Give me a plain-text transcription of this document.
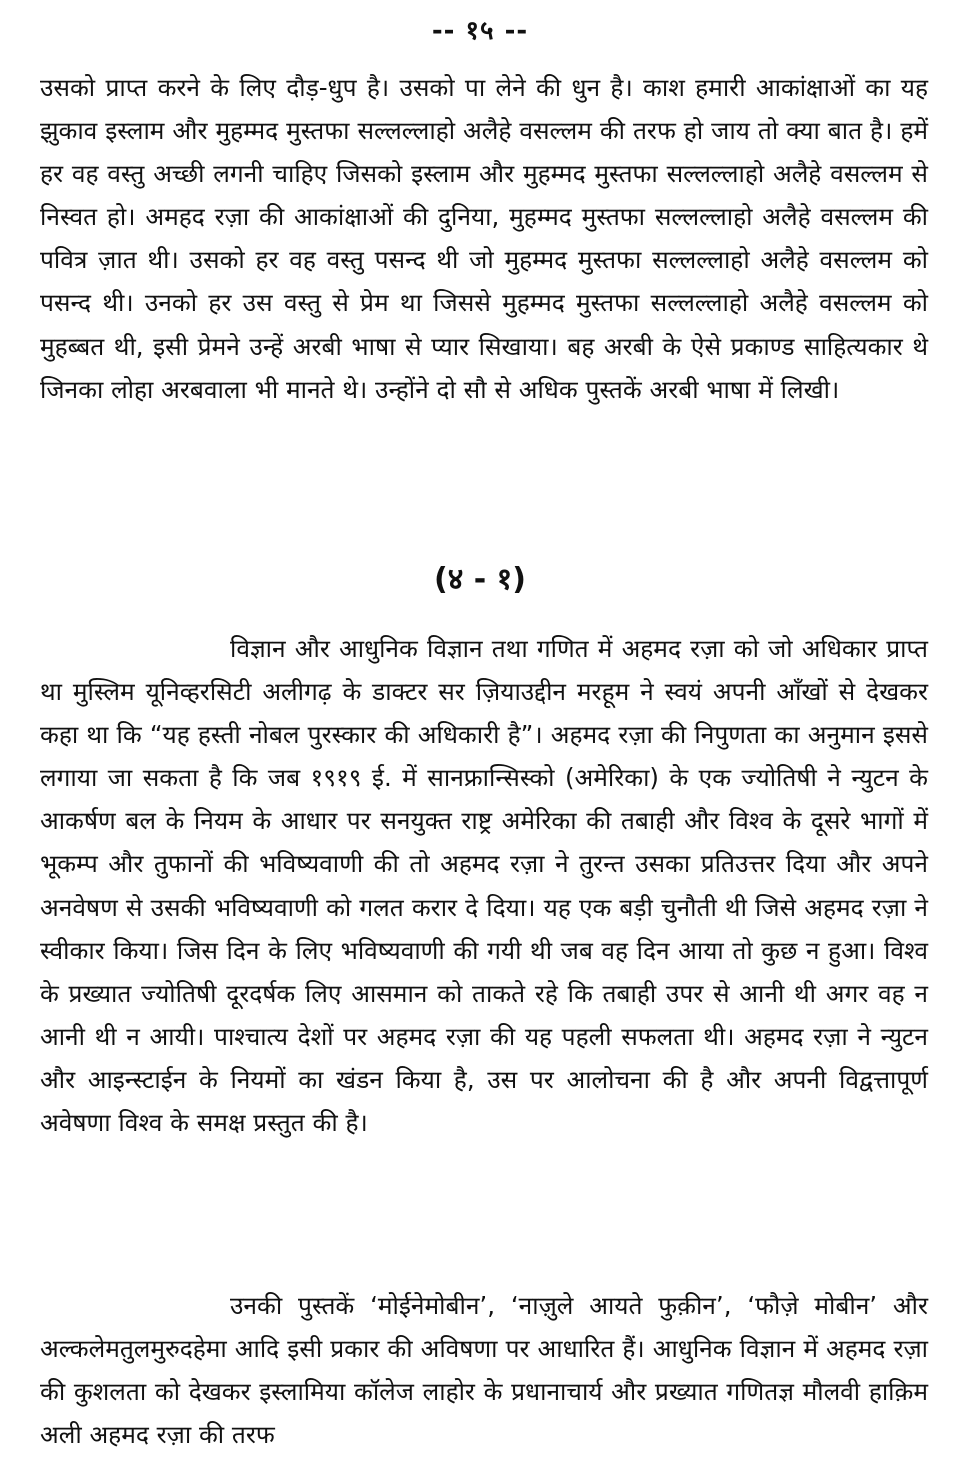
-- १५ --

उसको प्राप्त करने के लिए दौड़-धुप है। उसको पा लेने की धुन है। काश हमारी आकांक्षाओं का यह झुकाव इस्लाम और मुहम्मद मुस्तफा सल्लल्लाहो अलैहे वसल्लम की तरफ हो जाय तो क्या बात है। हमें हर वह वस्तु अच्छी लगनी चाहिए जिसको इस्लाम और मुहम्मद मुस्तफा सल्लल्लाहो अलैहे वसल्लम से निस्वत हो। अमहद रज़ा की आकांक्षाओं की दुनिया, मुहम्मद मुस्तफा सल्लल्लाहो अलैहे वसल्लम की पवित्र ज़ात थी। उसको हर वह वस्तु पसन्द थी जो मुहम्मद मुस्तफा सल्लल्लाहो अलैहे वसल्लम को पसन्द थी। उनको हर उस वस्तु से प्रेम था जिससे मुहम्मद मुस्तफा सल्लल्लाहो अलैहे वसल्लम को मुहब्बत थी, इसी प्रेमने उन्हें अरबी भाषा से प्यार सिखाया। बह अरबी के ऐसे प्रकाण्ड साहित्यकार थे जिनका लोहा अरबवाला भी मानते थे। उन्होंने दो सौ से अधिक पुस्तकें अरबी भाषा में लिखी।

(४ - १)

विज्ञान और आधुनिक विज्ञान तथा गणित में अहमद रज़ा को जो अधिकार प्राप्त था मुस्लिम यूनिव्हरसिटी अलीगढ़ के डाक्टर सर ज़ियाउद्दीन मरहूम ने स्वयं अपनी आँखों से देखकर कहा था कि “यह हस्ती नोबल पुरस्कार की अधिकारी है”। अहमद रज़ा की निपुणता का अनुमान इससे लगाया जा सकता है कि जब १९१९ ई. में सानफ्रान्सिस्को (अमेरिका) के एक ज्योतिषी ने न्युटन के आकर्षण बल के नियम के आधार पर सनयुक्त राष्ट्र अमेरिका की तबाही और विश्व के दूसरे भागों में भूकम्प और तुफानों की भविष्यवाणी की तो अहमद रज़ा ने तुरन्त उसका प्रतिउत्तर दिया और अपने अनवेषण से उसकी भविष्यवाणी को गलत करार दे दिया। यह एक बड़ी चुनौती थी जिसे अहमद रज़ा ने स्वीकार किया। जिस दिन के लिए भविष्यवाणी की गयी थी जब वह दिन आया तो कुछ न हुआ। विश्व के प्रख्यात ज्योतिषी दूरदर्षक लिए आसमान को ताकते रहे कि तबाही उपर से आनी थी अगर वह न आनी थी न आयी। पाश्चात्य देशों पर अहमद रज़ा की यह पहली सफलता थी। अहमद रज़ा ने न्युटन और आइन्स्टाईन के नियमों का खंडन किया है, उस पर आलोचना की है और अपनी विद्वत्तापूर्ण अवेषणा विश्व के समक्ष प्रस्तुत की है।

उनकी पुस्तकें ‘मोईनेमोबीन’, ‘नाज़ुले आयते फुक़ीन’, ‘फौज़े मोबीन’ और अल्कलेमतुलमुरुदहेमा आदि इसी प्रकार की अविषणा पर आधारित हैं। आधुनिक विज्ञान में अहमद रज़ा की कुशलता को देखकर इस्लामिया कॉलेज लाहोर के प्रधानाचार्य और प्रख्यात गणितज्ञ मौलवी हाक़िम अली अहमद रज़ा की तरफ
